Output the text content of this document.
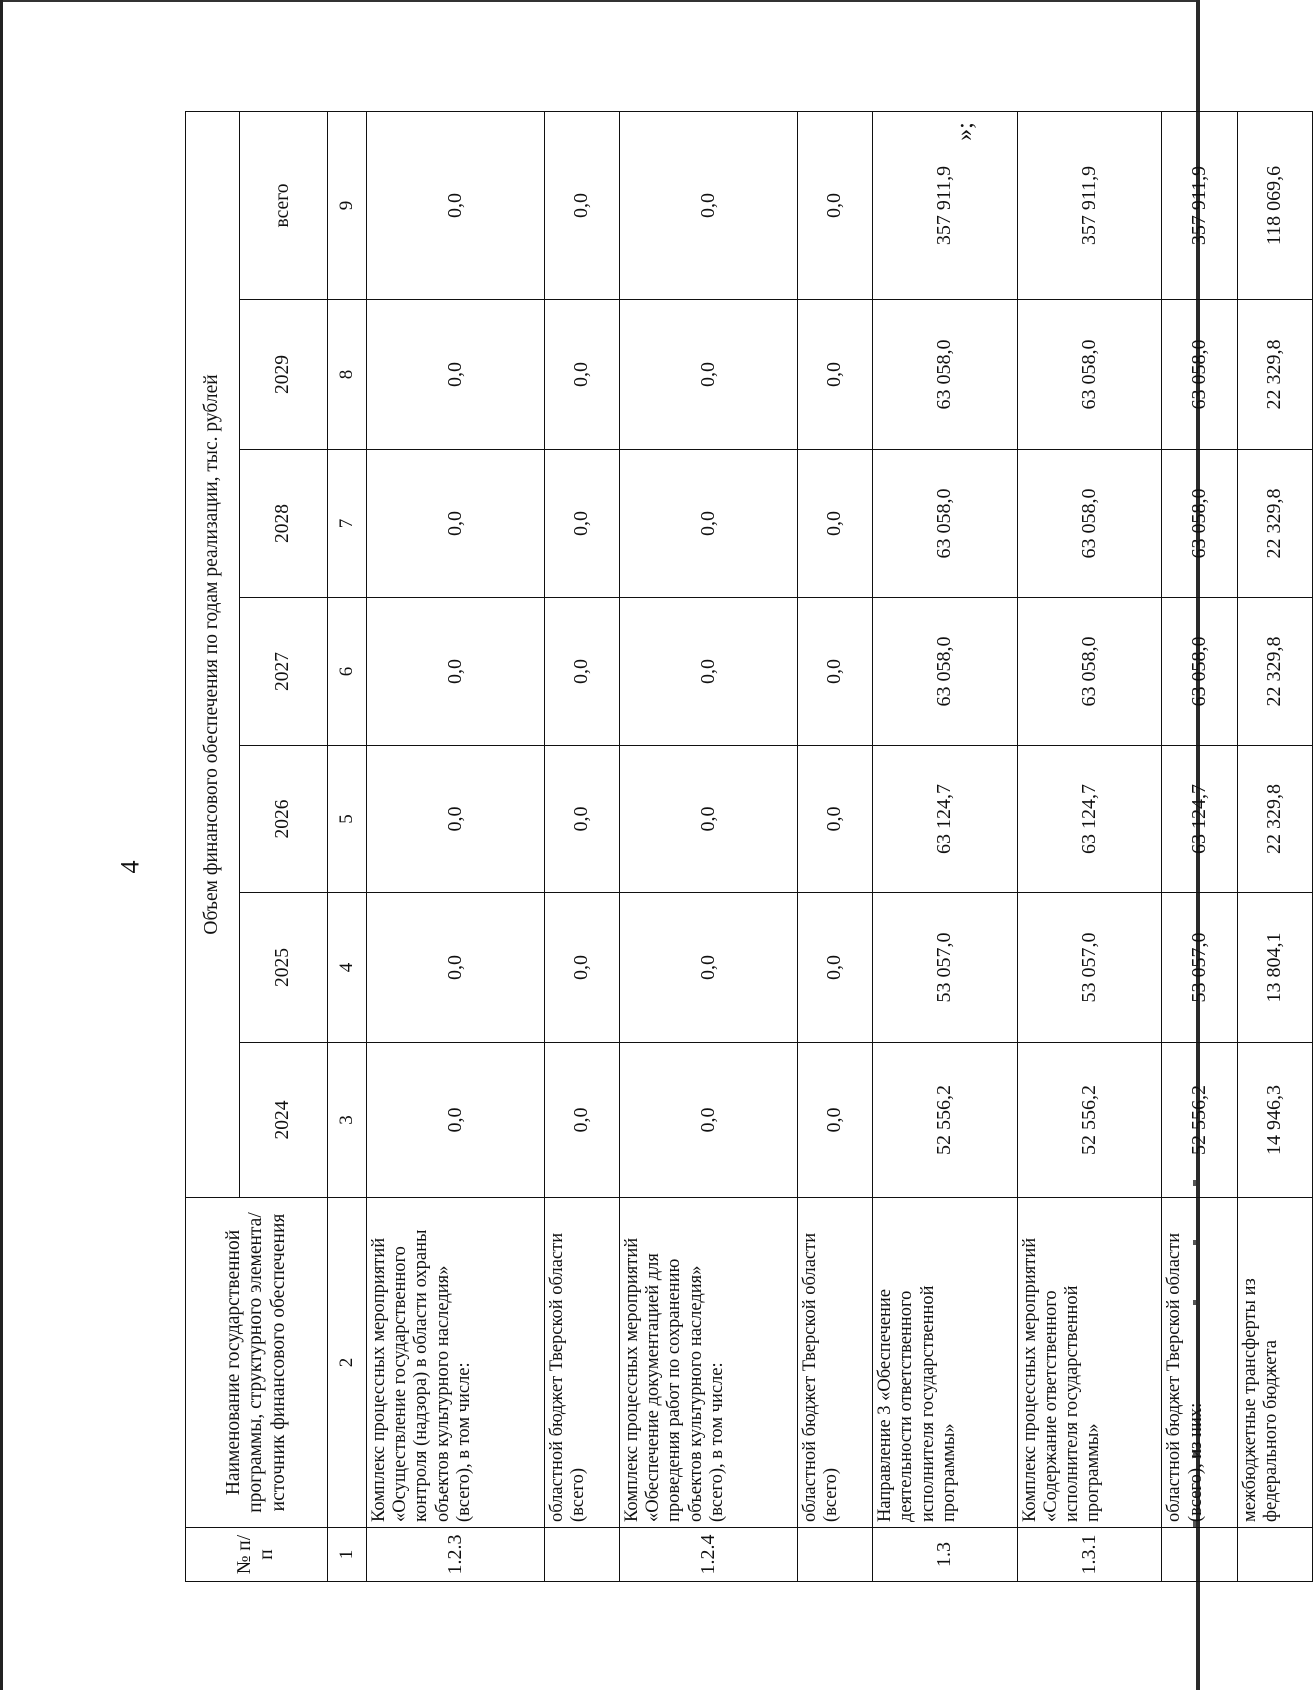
4
»;
№ п/п	Наименование государственной программы, структурного элемента/источник финансового обеспечения	Объем финансового обеспечения по годам реализации, тыс. рублей						
		2024	2025	2026	2027	2028	2029	всего
1	2	3	4	5	6	7	8	9
1.2.3	Комплекс процессных мероприятий «Осуществление государственного контроля (надзора) в области охраны объектов культурного наследия» (всего), в том числе:	0,0	0,0	0,0	0,0	0,0	0,0	0,0
	областной бюджет Тверской области (всего)	0,0	0,0	0,0	0,0	0,0	0,0	0,0
1.2.4	Комплекс процессных мероприятий «Обеспечение документацией для проведения работ по сохранению объектов культурного наследия» (всего), в том числе:	0,0	0,0	0,0	0,0	0,0	0,0	0,0
	областной бюджет Тверской области (всего)	0,0	0,0	0,0	0,0	0,0	0,0	0,0
1.3	Направление 3 «Обеспечение деятельности ответственного исполнителя государственной программы»	52 556,2	53 057,0	63 124,7	63 058,0	63 058,0	63 058,0	357 911,9
1.3.1	Комплекс процессных мероприятий «Содержание ответственного исполнителя государственной программы»	52 556,2	53 057,0	63 124,7	63 058,0	63 058,0	63 058,0	357 911,9
	областной бюджет Тверской области (всего), из них:	52 556,2	53 057,0	63 124,7	63 058,0	63 058,0	63 058,0	357 911,9
	межбюджетные трансферты из федерального бюджета	14 946,3	13 804,1	22 329,8	22 329,8	22 329,8	22 329,8	118 069,6
